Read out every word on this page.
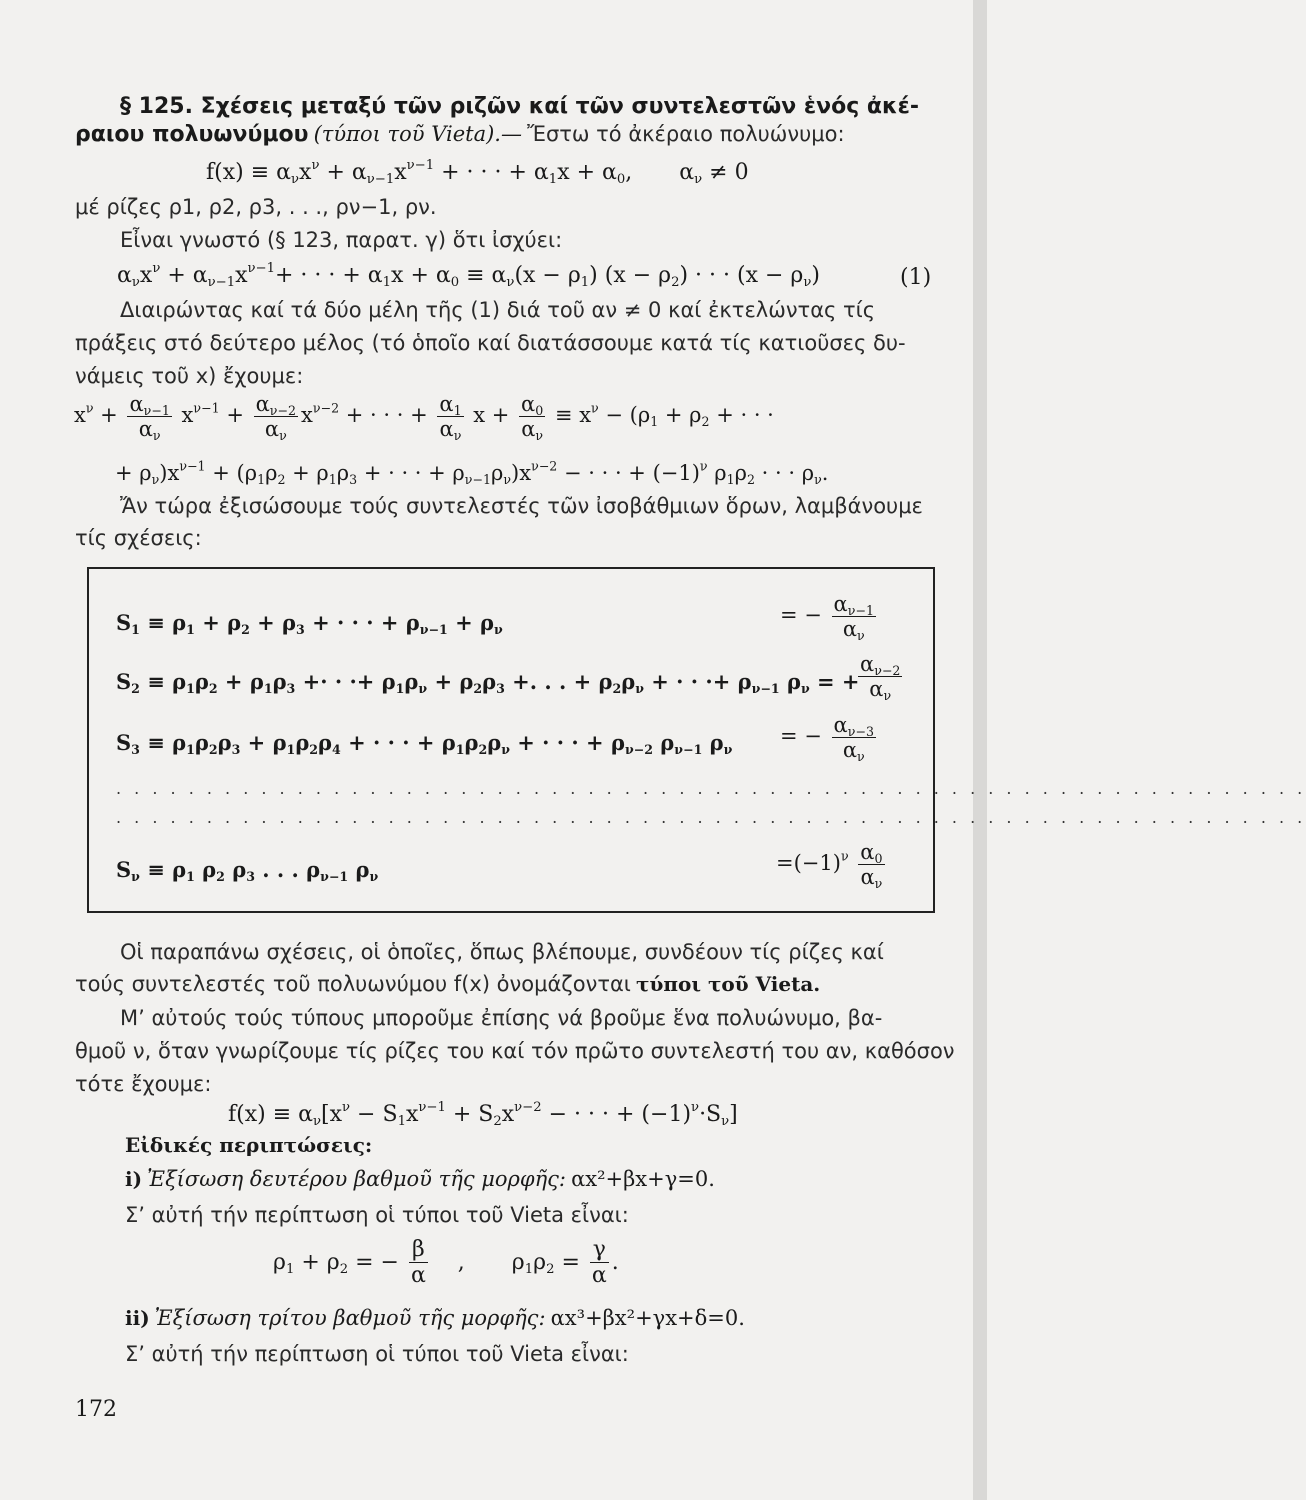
§ 125. Σχέσεις μεταξύ τῶν ριζῶν καί τῶν συντελεστῶν ἑνός ἀκέ-
ραιου πολυωνύμου (τύποι τοῦ Vieta).— Ἔστω τό ἀκέραιο πολυώνυμο:
$f(x) \equiv \alpha_\nu x^\nu + \alpha_{\nu-1}x^{\nu-1}$ + · · · + $\alpha_1x + \alpha_0$, $\alpha_\nu \ne 0$
μέ ρίζες ρ1, ρ2, ρ3, . . ., ρν−1, ρν.
Εἶναι γνωστό (§ 123, παρατ. γ) ὅτι ἰσχύει:
$\alpha_\nu x^\nu + \alpha_{\nu-1}x^{\nu-1}+$ · · · + $\alpha_1x + \alpha_0 \equiv \alpha_\nu(x - \rho_1) (x - \rho_2)$ · · · $(x - \rho_\nu)$	(1)
Διαιρώντας καί τά δύο μέλη τῆς (1) διά τοῦ αν ≠ 0 καί ἐκτελώντας τίς
πράξεις στό δεύτερο μέλος (τό ὁποῖο καί διατάσσουμε κατά τίς κατιοῦσες δυ-
νάμεις τοῦ x) ἔχουμε:
$x^\nu + \frac{\alpha_{\nu-1}}{\alpha_\nu} x^{\nu-1} + \frac{\alpha_{\nu-2}}{\alpha_\nu} x^{\nu-2}$ + · · · + $\frac{\alpha_1}{\alpha_\nu}$ $x + \frac{\alpha_0}{\alpha_\nu} \equiv x^\nu - (\rho_1 + \rho_2$ + · · ·
+ $\rho_\nu)x^{\nu-1} + (\rho_1\rho_2 + \rho_1\rho_3$ + · · · + $\rho_{\nu-1}\rho_\nu)x^{\nu-2}$ − · · · + $(-1)^\nu$ $\rho_1\rho_2$ · · · $\rho_\nu$.
Ἄν τώρα ἐξισώσουμε τούς συντελεστές τῶν ἰσοβάθμιων ὅρων, λαμβάνουμε
τίς σχέσεις:
$S_1 \equiv \rho_1 + \rho_2 + \rho_3$ + · · · + $\rho_{\nu-1} + \rho_\nu$
= − $\frac{\alpha_{\nu-1}}{\alpha_\nu}$
$S_2 \equiv \rho_1\rho_2 + \rho_1\rho_3$ +· · ·+ $\rho_1\rho_\nu + \rho_2\rho_3$ +. . . + $\rho_2\rho_\nu$ + · · ·+ $\rho_{\nu-1}$ $\rho_\nu$ = +
$\frac{\alpha_{\nu-2}}{\alpha_\nu}$
$S_3 \equiv \rho_1\rho_2\rho_3 + \rho_1\rho_2\rho_4$ + · · · + $\rho_1\rho_2\rho_\nu$ + · · · + $\rho_{\nu-2}$ $\rho_{\nu-1}$ $\rho_\nu$
= − $\frac{\alpha_{\nu-3}}{\alpha_\nu}$
. . . . . . . . . . . . . . . . . . . . . . . . . . . . . . . . . . . . . . . . . . . . . . . . . . . . . . . . . . . . . . . . . .
. . . . . . . . . . . . . . . . . . . . . . . . . . . . . . . . . . . . . . . . . . . . . . . . . . . . . . . . . . . . . . . . . .
$S_\nu \equiv \rho_1$ $\rho_2$ $\rho_3$ . . . $\rho_{\nu-1}$ $\rho_\nu$
$=(-1)^\nu \frac{\alpha_0}{\alpha_\nu}$
Οἱ παραπάνω σχέσεις, οἱ ὁποῖες, ὅπως βλέπουμε, συνδέουν τίς ρίζες καί
τούς συντελεστές τοῦ πολυωνύμου f(x) ὀνομάζονται τύποι τοῦ Vieta.
Μ’ αὐτούς τούς τύπους μποροῦμε ἐπίσης νά βροῦμε ἕνα πολυώνυμο, βα-
θμοῦ ν, ὅταν γνωρίζουμε τίς ρίζες του καί τόν πρῶτο συντελεστή του αν, καθόσον
τότε ἔχουμε:
$f(x) \equiv \alpha_\nu[x^\nu - S_1x^{\nu-1} + S_2x^{\nu-2}$ − · · · + $(-1)^\nu\cdot S_\nu$]
Εἰδικές περιπτώσεις:
i) Ἐξίσωση δευτέρου βαθμοῦ τῆς μορφῆς: αx²+βx+γ=0.
Σ’ αὐτή τήν περίπτωση οἱ τύποι τοῦ Vieta εἶναι:
$\rho_1 + \rho_2$ = − $\frac{\beta}{\alpha}$ , $\rho_1\rho_2 = \frac{\gamma}{\alpha}$ .
ii) Ἐξίσωση τρίτου βαθμοῦ τῆς μορφῆς: αx³+βx²+γx+δ=0.
Σ’ αὐτή τήν περίπτωση οἱ τύποι τοῦ Vieta εἶναι:
172
